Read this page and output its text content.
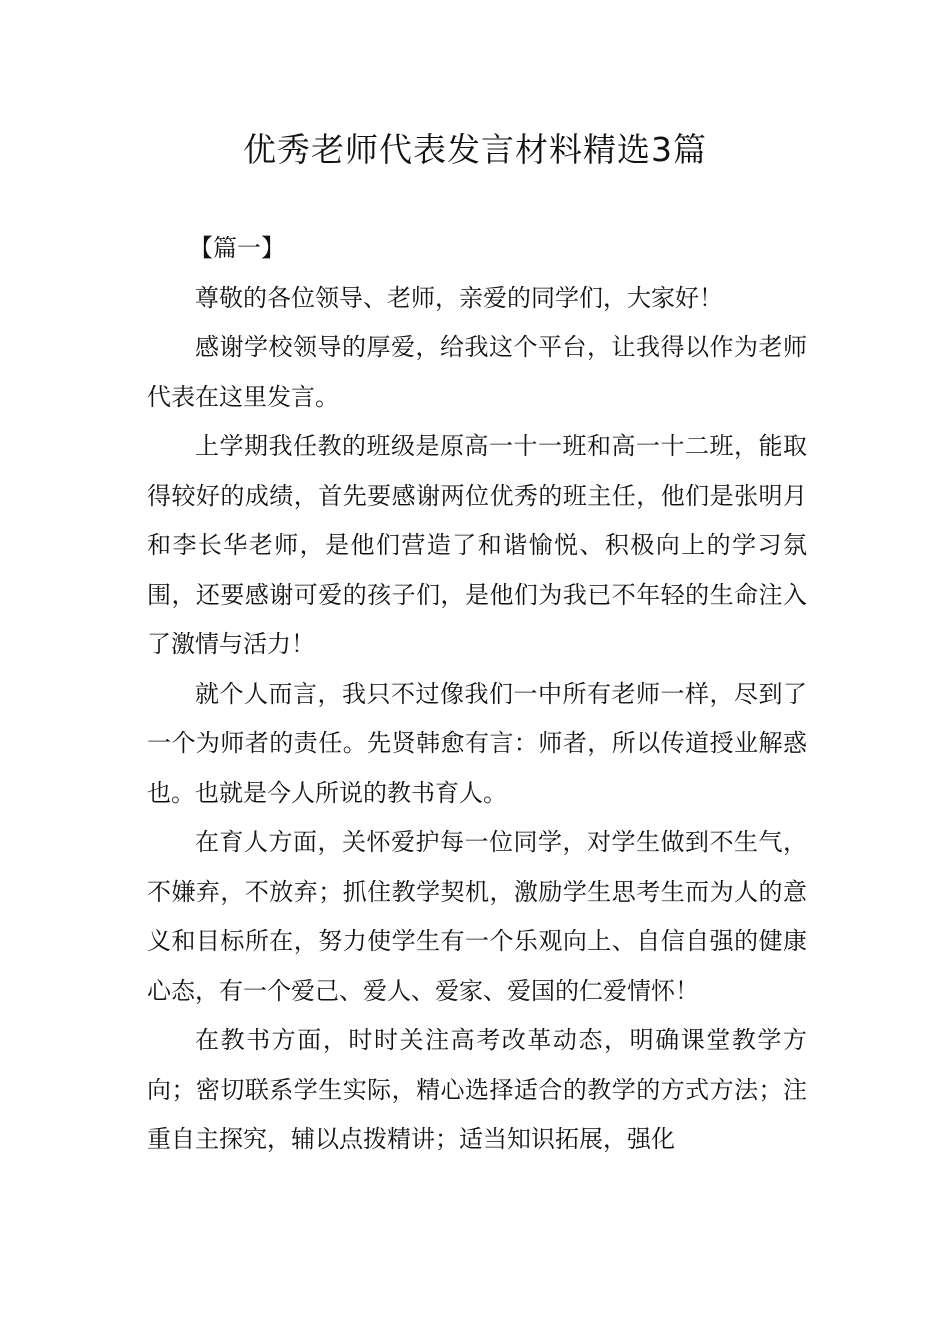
优秀老师代表发言材料精选3篇
【篇一】

尊敬的各位领导、老师，亲爱的同学们，大家好！

感谢学校领导的厚爱，给我这个平台，让我得以作为老师代表在这里发言。

上学期我任教的班级是原高一十一班和高一十二班，能取得较好的成绩，首先要感谢两位优秀的班主任，他们是张明月和李长华老师，是他们营造了和谐愉悦、积极向上的学习氛围，还要感谢可爱的孩子们，是他们为我已不年轻的生命注入了激情与活力！

就个人而言，我只不过像我们一中所有老师一样，尽到了一个为师者的责任。先贤韩愈有言：师者，所以传道授业解惑也。也就是今人所说的教书育人。

在育人方面，关怀爱护每一位同学，对学生做到不生气，不嫌弃，不放弃；抓住教学契机，激励学生思考生而为人的意义和目标所在，努力使学生有一个乐观向上、自信自强的健康心态，有一个爱己、爱人、爱家、爱国的仁爱情怀！

在教书方面，时时关注高考改革动态，明确课堂教学方向；密切联系学生实际，精心选择适合的教学的方式方法；注重自主探究，辅以点拨精讲；适当知识拓展，强化
